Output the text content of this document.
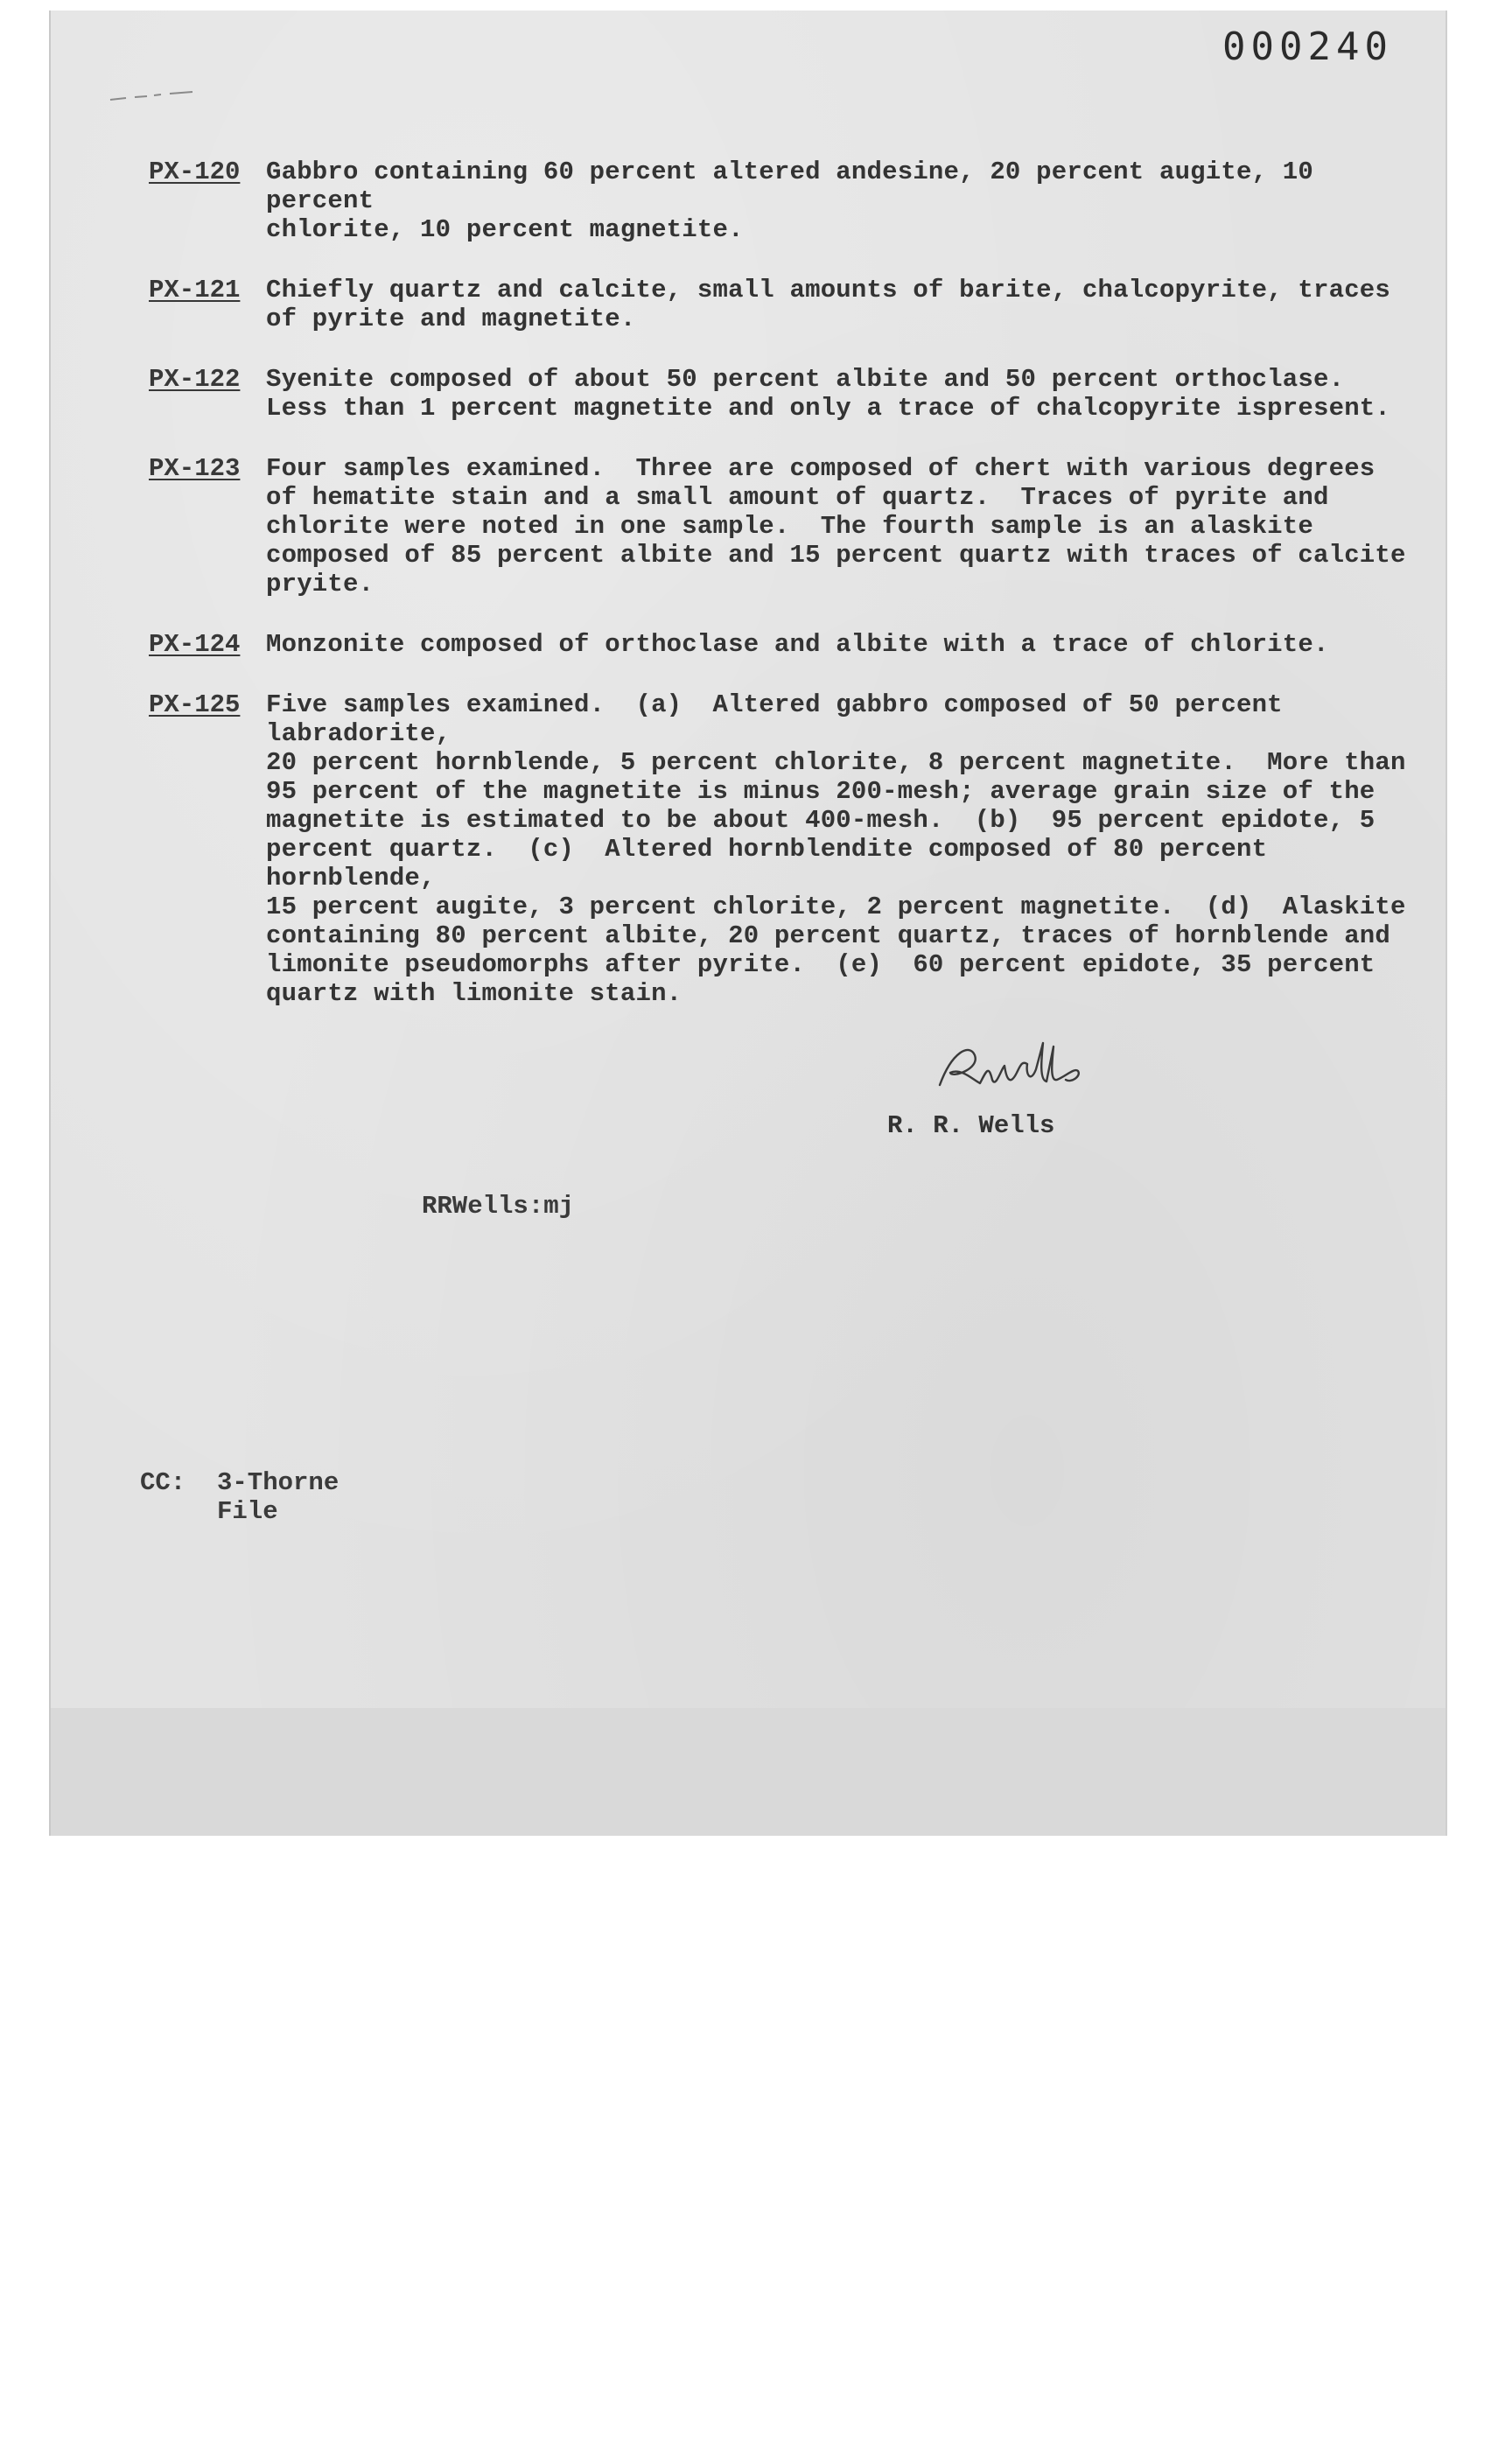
000240
PX-120	Gabbro containing 60 percent altered andesine, 20 percent augite, 10 percent
chlorite, 10 percent magnetite.
PX-121	Chiefly quartz and calcite, small amounts of barite, chalcopyrite, traces
of pyrite and magnetite.
PX-122	Syenite composed of about 50 percent albite and 50 percent orthoclase.
Less than 1 percent magnetite and only a trace of chalcopyrite ispresent.
PX-123	Four samples examined.  Three are composed of chert with various degrees
of hematite stain and a small amount of quartz.  Traces of pyrite and
chlorite were noted in one sample.  The fourth sample is an alaskite
composed of 85 percent albite and 15 percent quartz with traces of calcite
pryite.
PX-124	Monzonite composed of orthoclase and albite with a trace of chlorite.
PX-125	Five samples examined.  (a)  Altered gabbro composed of 50 percent labradorite,
20 percent hornblende, 5 percent chlorite, 8 percent magnetite.  More than
95 percent of the magnetite is minus 200-mesh; average grain size of the
magnetite is estimated to be about 400-mesh.  (b)  95 percent epidote, 5
percent quartz.  (c)  Altered hornblendite composed of 80 percent hornblende,
15 percent augite, 3 percent chlorite, 2 percent magnetite.  (d)  Alaskite
containing 80 percent albite, 20 percent quartz, traces of hornblende and
limonite pseudomorphs after pyrite.  (e)  60 percent epidote, 35 percent
quartz with limonite stain.
R. R. Wells
RRWells:mj
CC:	3-Thorne
File
